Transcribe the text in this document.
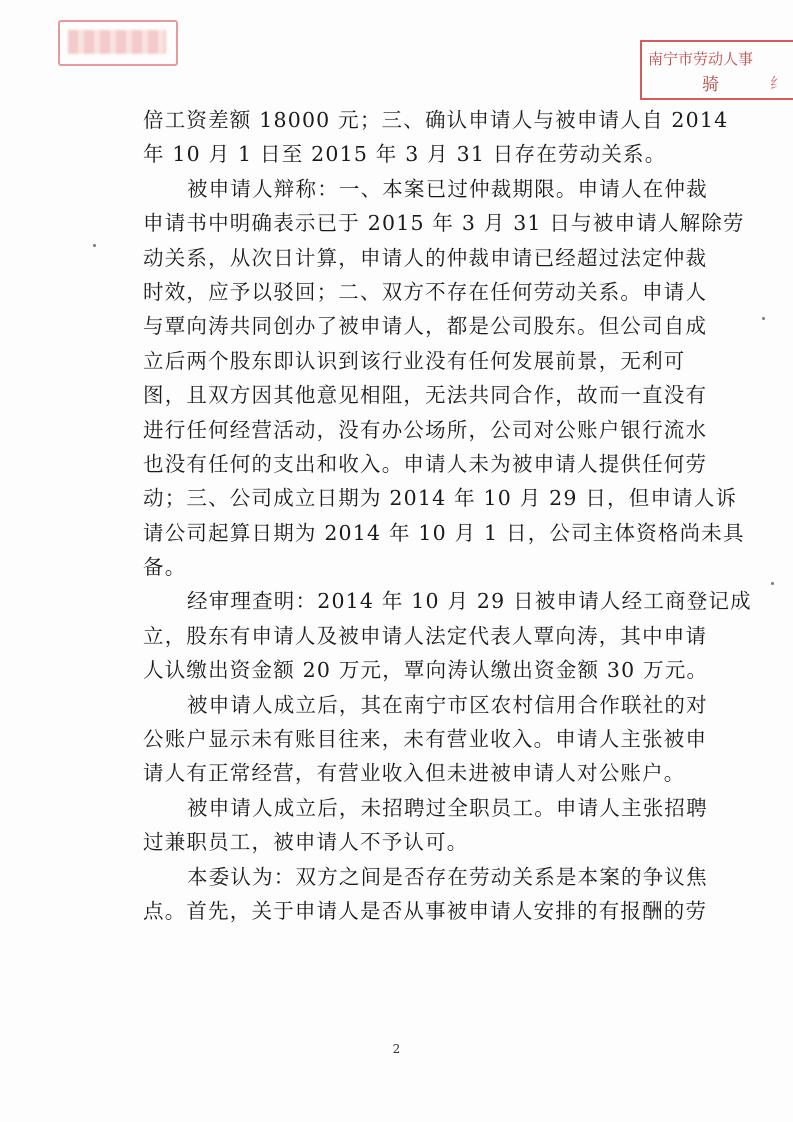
南宁市劳动人事
骑	纟
倍工资差额 18000 元；三、确认申请人与被申请人自 2014
年 10 月 1 日至 2015 年 3 月 31 日存在劳动关系。
被申请人辩称：一、本案已过仲裁期限。申请人在仲裁
申请书中明确表示已于 2015 年 3 月 31 日与被申请人解除劳
动关系，从次日计算，申请人的仲裁申请已经超过法定仲裁
时效，应予以驳回；二、双方不存在任何劳动关系。申请人
与覃向涛共同创办了被申请人，都是公司股东。但公司自成
立后两个股东即认识到该行业没有任何发展前景，无利可
图，且双方因其他意见相阻，无法共同合作，故而一直没有
进行任何经营活动，没有办公场所，公司对公账户银行流水
也没有任何的支出和收入。申请人未为被申请人提供任何劳
动；三、公司成立日期为 2014 年 10 月 29 日，但申请人诉
请公司起算日期为 2014 年 10 月 1 日，公司主体资格尚未具
备。
经审理查明：2014 年 10 月 29 日被申请人经工商登记成
立，股东有申请人及被申请人法定代表人覃向涛，其中申请
人认缴出资金额 20 万元，覃向涛认缴出资金额 30 万元。
被申请人成立后，其在南宁市区农村信用合作联社的对
公账户显示未有账目往来，未有营业收入。申请人主张被申
请人有正常经营，有营业收入但未进被申请人对公账户。
被申请人成立后，未招聘过全职员工。申请人主张招聘
过兼职员工，被申请人不予认可。
本委认为：双方之间是否存在劳动关系是本案的争议焦
点。首先，关于申请人是否从事被申请人安排的有报酬的劳
2
